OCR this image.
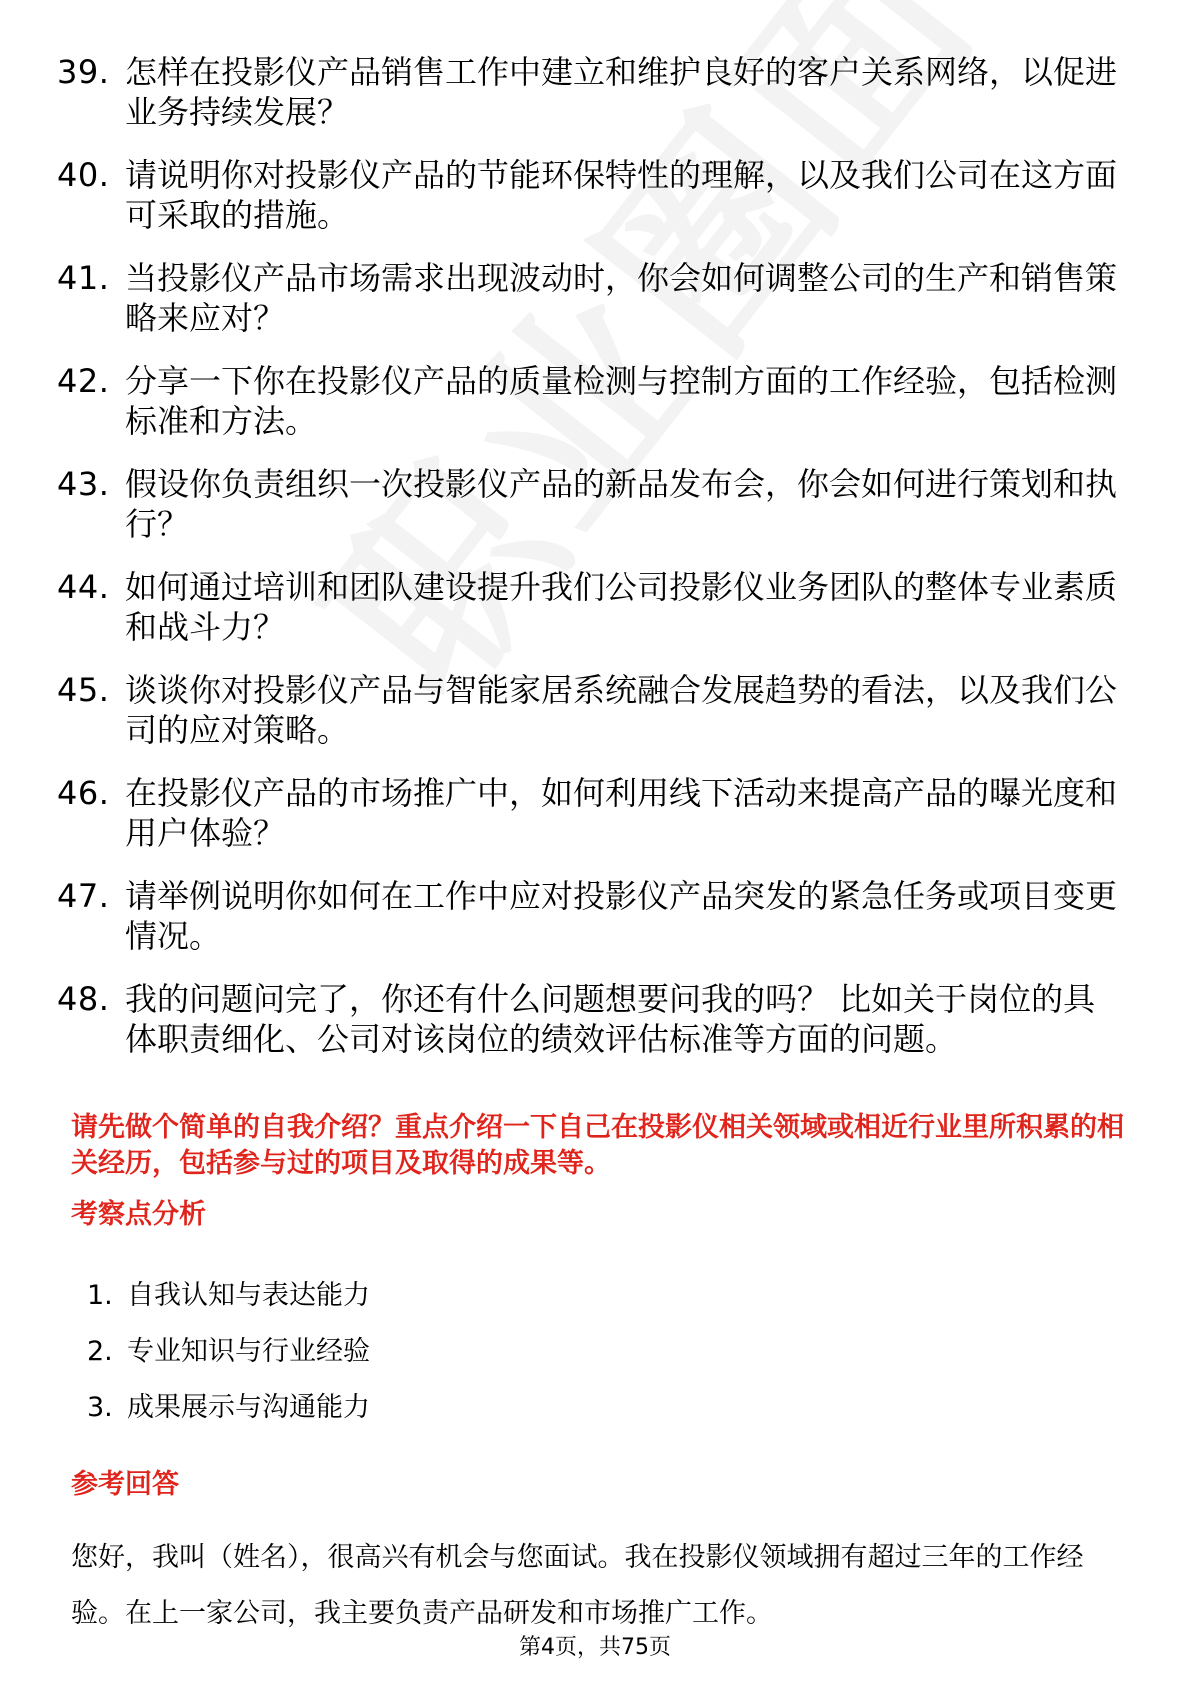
39. 怎样在投影仪产品销售工作中建立和维护良好的客户关系网络，以促进业务持续发展？
40. 请说明你对投影仪产品的节能环保特性的理解，以及我们公司在这方面可采取的措施。
41. 当投影仪产品市场需求出现波动时，你会如何调整公司的生产和销售策略来应对？
42. 分享一下你在投影仪产品的质量检测与控制方面的工作经验，包括检测标准和方法。
43. 假设你负责组织一次投影仪产品的新品发布会，你会如何进行策划和执行？
44. 如何通过培训和团队建设提升我们公司投影仪业务团队的整体专业素质和战斗力？
45. 谈谈你对投影仪产品与智能家居系统融合发展趋势的看法，以及我们公司的应对策略。
46. 在投影仪产品的市场推广中，如何利用线下活动来提高产品的曝光度和用户体验？
47. 请举例说明你如何在工作中应对投影仪产品突发的紧急任务或项目变更情况。
48. 我的问题问完了，你还有什么问题想要问我的吗？ 比如关于岗位的具体职责细化、公司对该岗位的绩效评估标准等方面的问题。
请先做个简单的自我介绍？重点介绍一下自己在投影仪相关领域或相近行业里所积累的相关经历，包括参与过的项目及取得的成果等。
考察点分析
1. 自我认知与表达能力
2. 专业知识与行业经验
3. 成果展示与沟通能力
参考回答
您好，我叫（姓名），很高兴有机会与您面试。我在投影仪领域拥有超过三年的工作经验。在上一家公司，我主要负责产品研发和市场推广工作。
第4页，共75页
